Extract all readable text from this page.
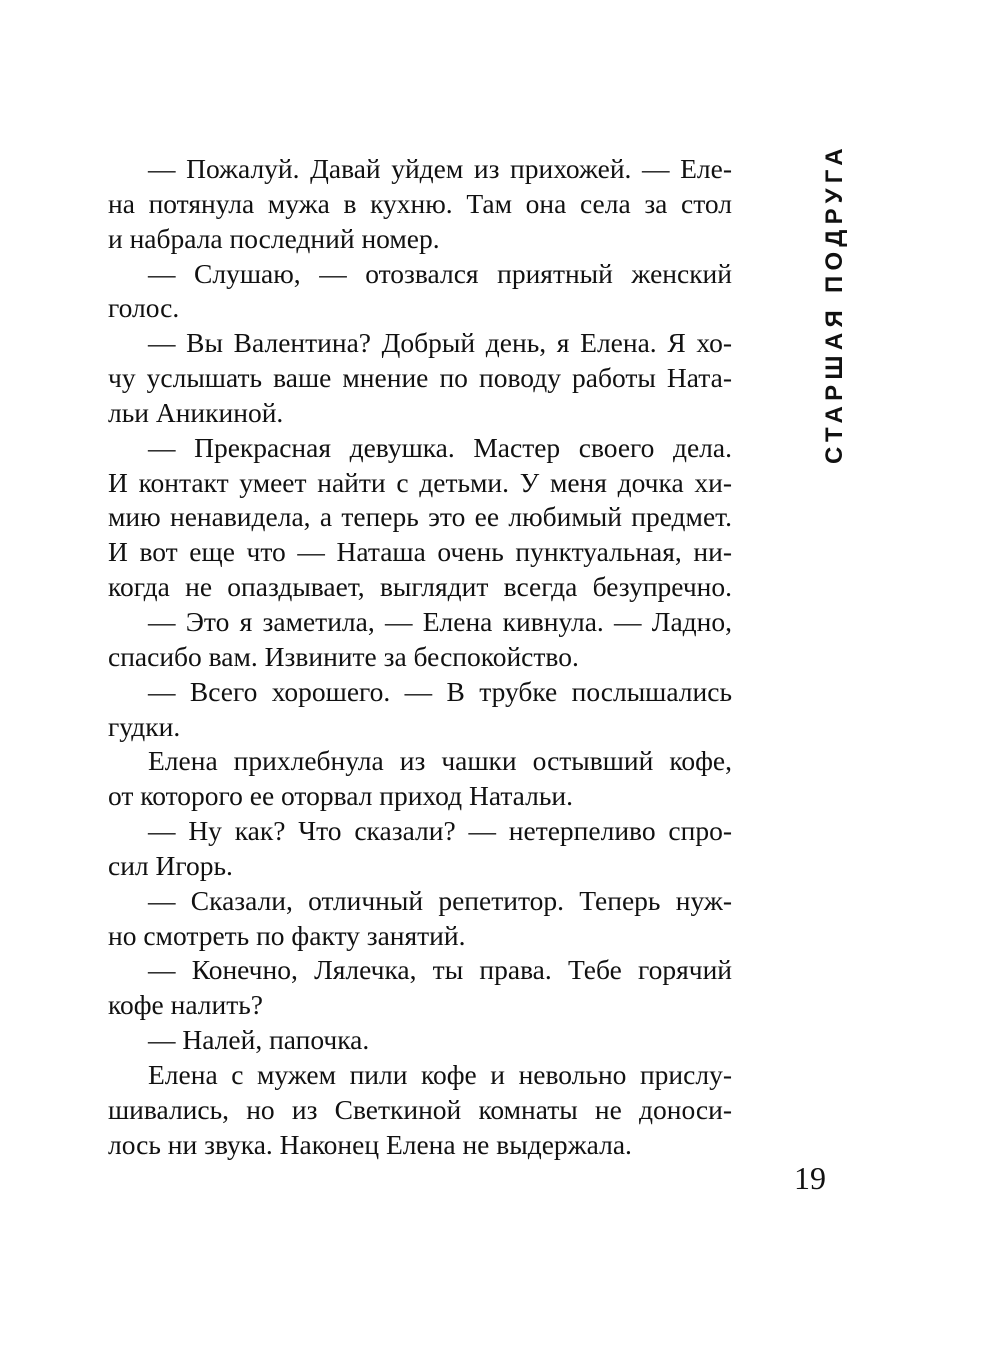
— Пожалуй. Давай уйдем из прихожей. — Еле-
на потянула мужа в кухню. Там она села за стол
и набрала последний номер.
— Слушаю, — отозвался приятный женский
голос.
— Вы Валентина? Добрый день, я Елена. Я хо-
чу услышать ваше мнение по поводу работы Ната-
льи Аникиной.
— Прекрасная девушка. Мастер своего дела.
И контакт умеет найти с детьми. У меня дочка хи-
мию ненавидела, а теперь это ее любимый предмет.
И вот еще что — Наташа очень пунктуальная, ни-
когда не опаздывает, выглядит всегда безупречно.
— Это я заметила, — Елена кивнула. — Ладно,
спасибо вам. Извините за беспокойство.
— Всего хорошего. — В трубке послышались
гудки.
Елена прихлебнула из чашки остывший кофе,
от которого ее оторвал приход Натальи.
— Ну как? Что сказали? — нетерпеливо спро-
сил Игорь.
— Сказали, отличный репетитор. Теперь нуж-
но смотреть по факту занятий.
— Конечно, Лялечка, ты права. Тебе горячий
кофе налить?
— Налей, папочка.
Елена с мужем пили кофе и невольно прислу-
шивались, но из Светкиной комнаты не доноси-
лось ни звука. Наконец Елена не выдержала.
СТАРШАЯ ПОДРУГА
19
